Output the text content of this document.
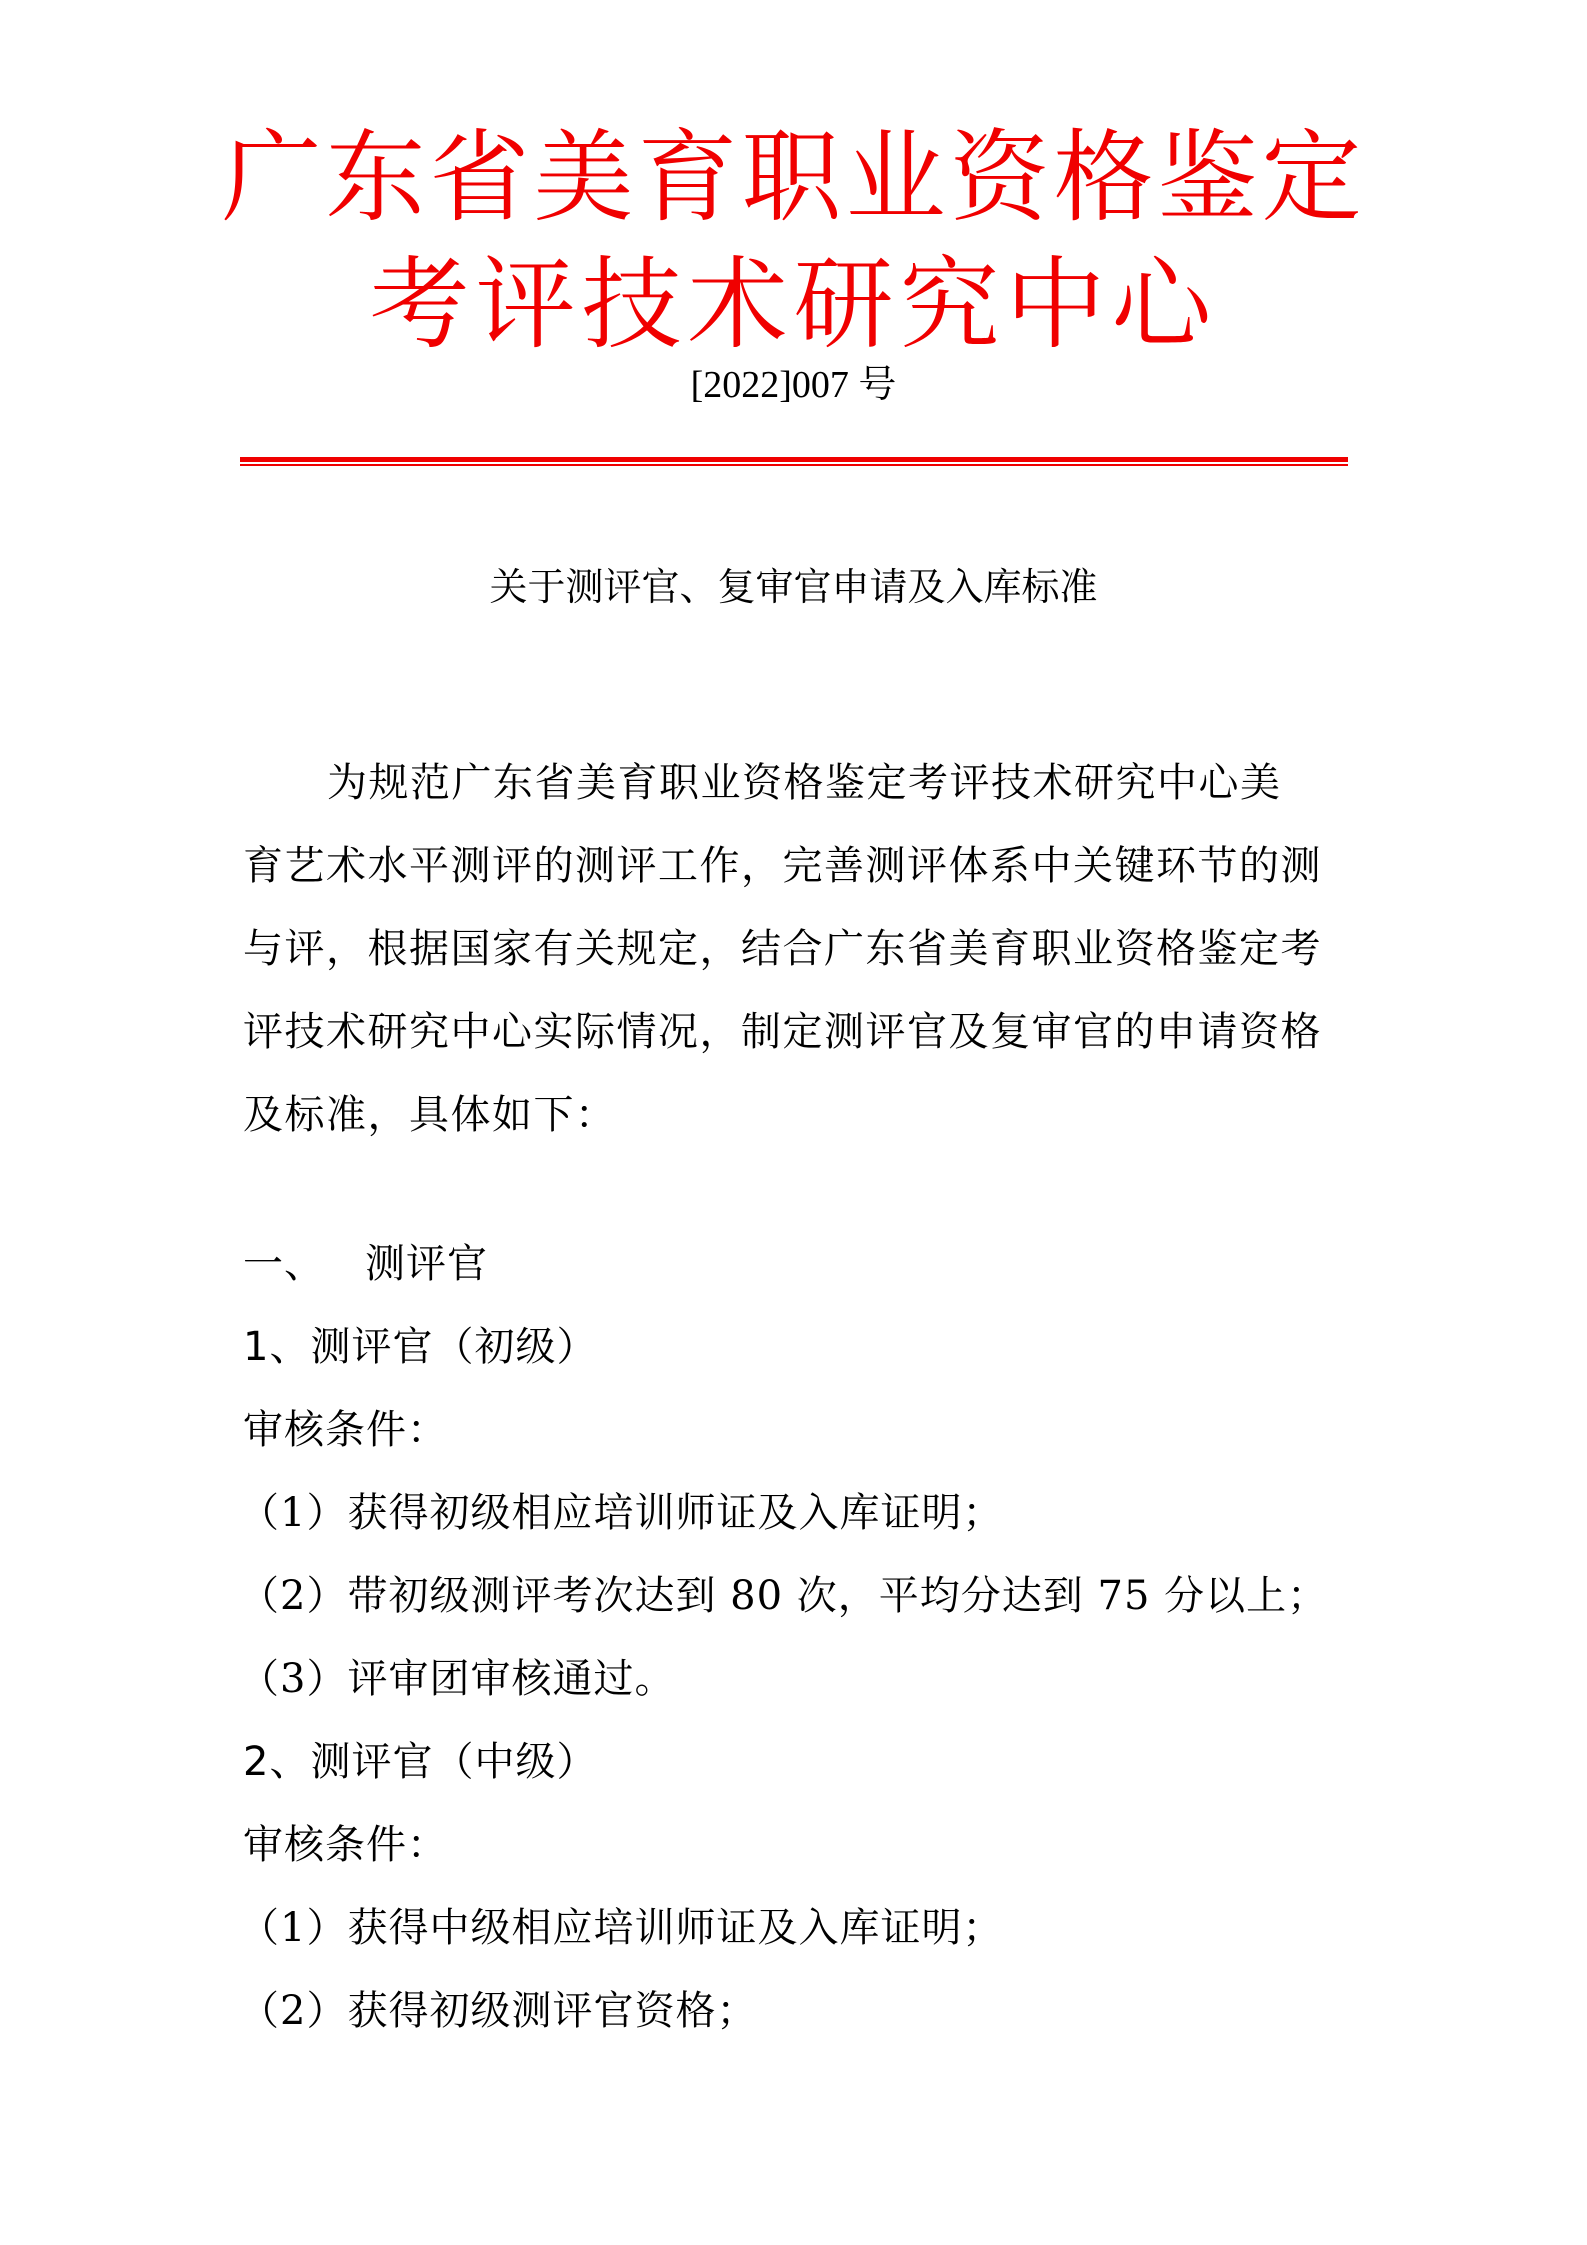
广东省美育职业资格鉴定
考评技术研究中心
[2022]007 号
关于测评官、复审官申请及入库标准
为规范广东省美育职业资格鉴定考评技术研究中心美
育艺术水平测评的测评工作，完善测评体系中关键环节的测
与评，根据国家有关规定，结合广东省美育职业资格鉴定考
评技术研究中心实际情况，制定测评官及复审官的申请资格
及标准，具体如下：
一、 测评官
1、测评官（初级）
审核条件：
（1）获得初级相应培训师证及入库证明；
（2）带初级测评考次达到 80 次，平均分达到 75 分以上；
（3）评审团审核通过。
2、测评官（中级）
审核条件：
（1）获得中级相应培训师证及入库证明；
（2）获得初级测评官资格；
